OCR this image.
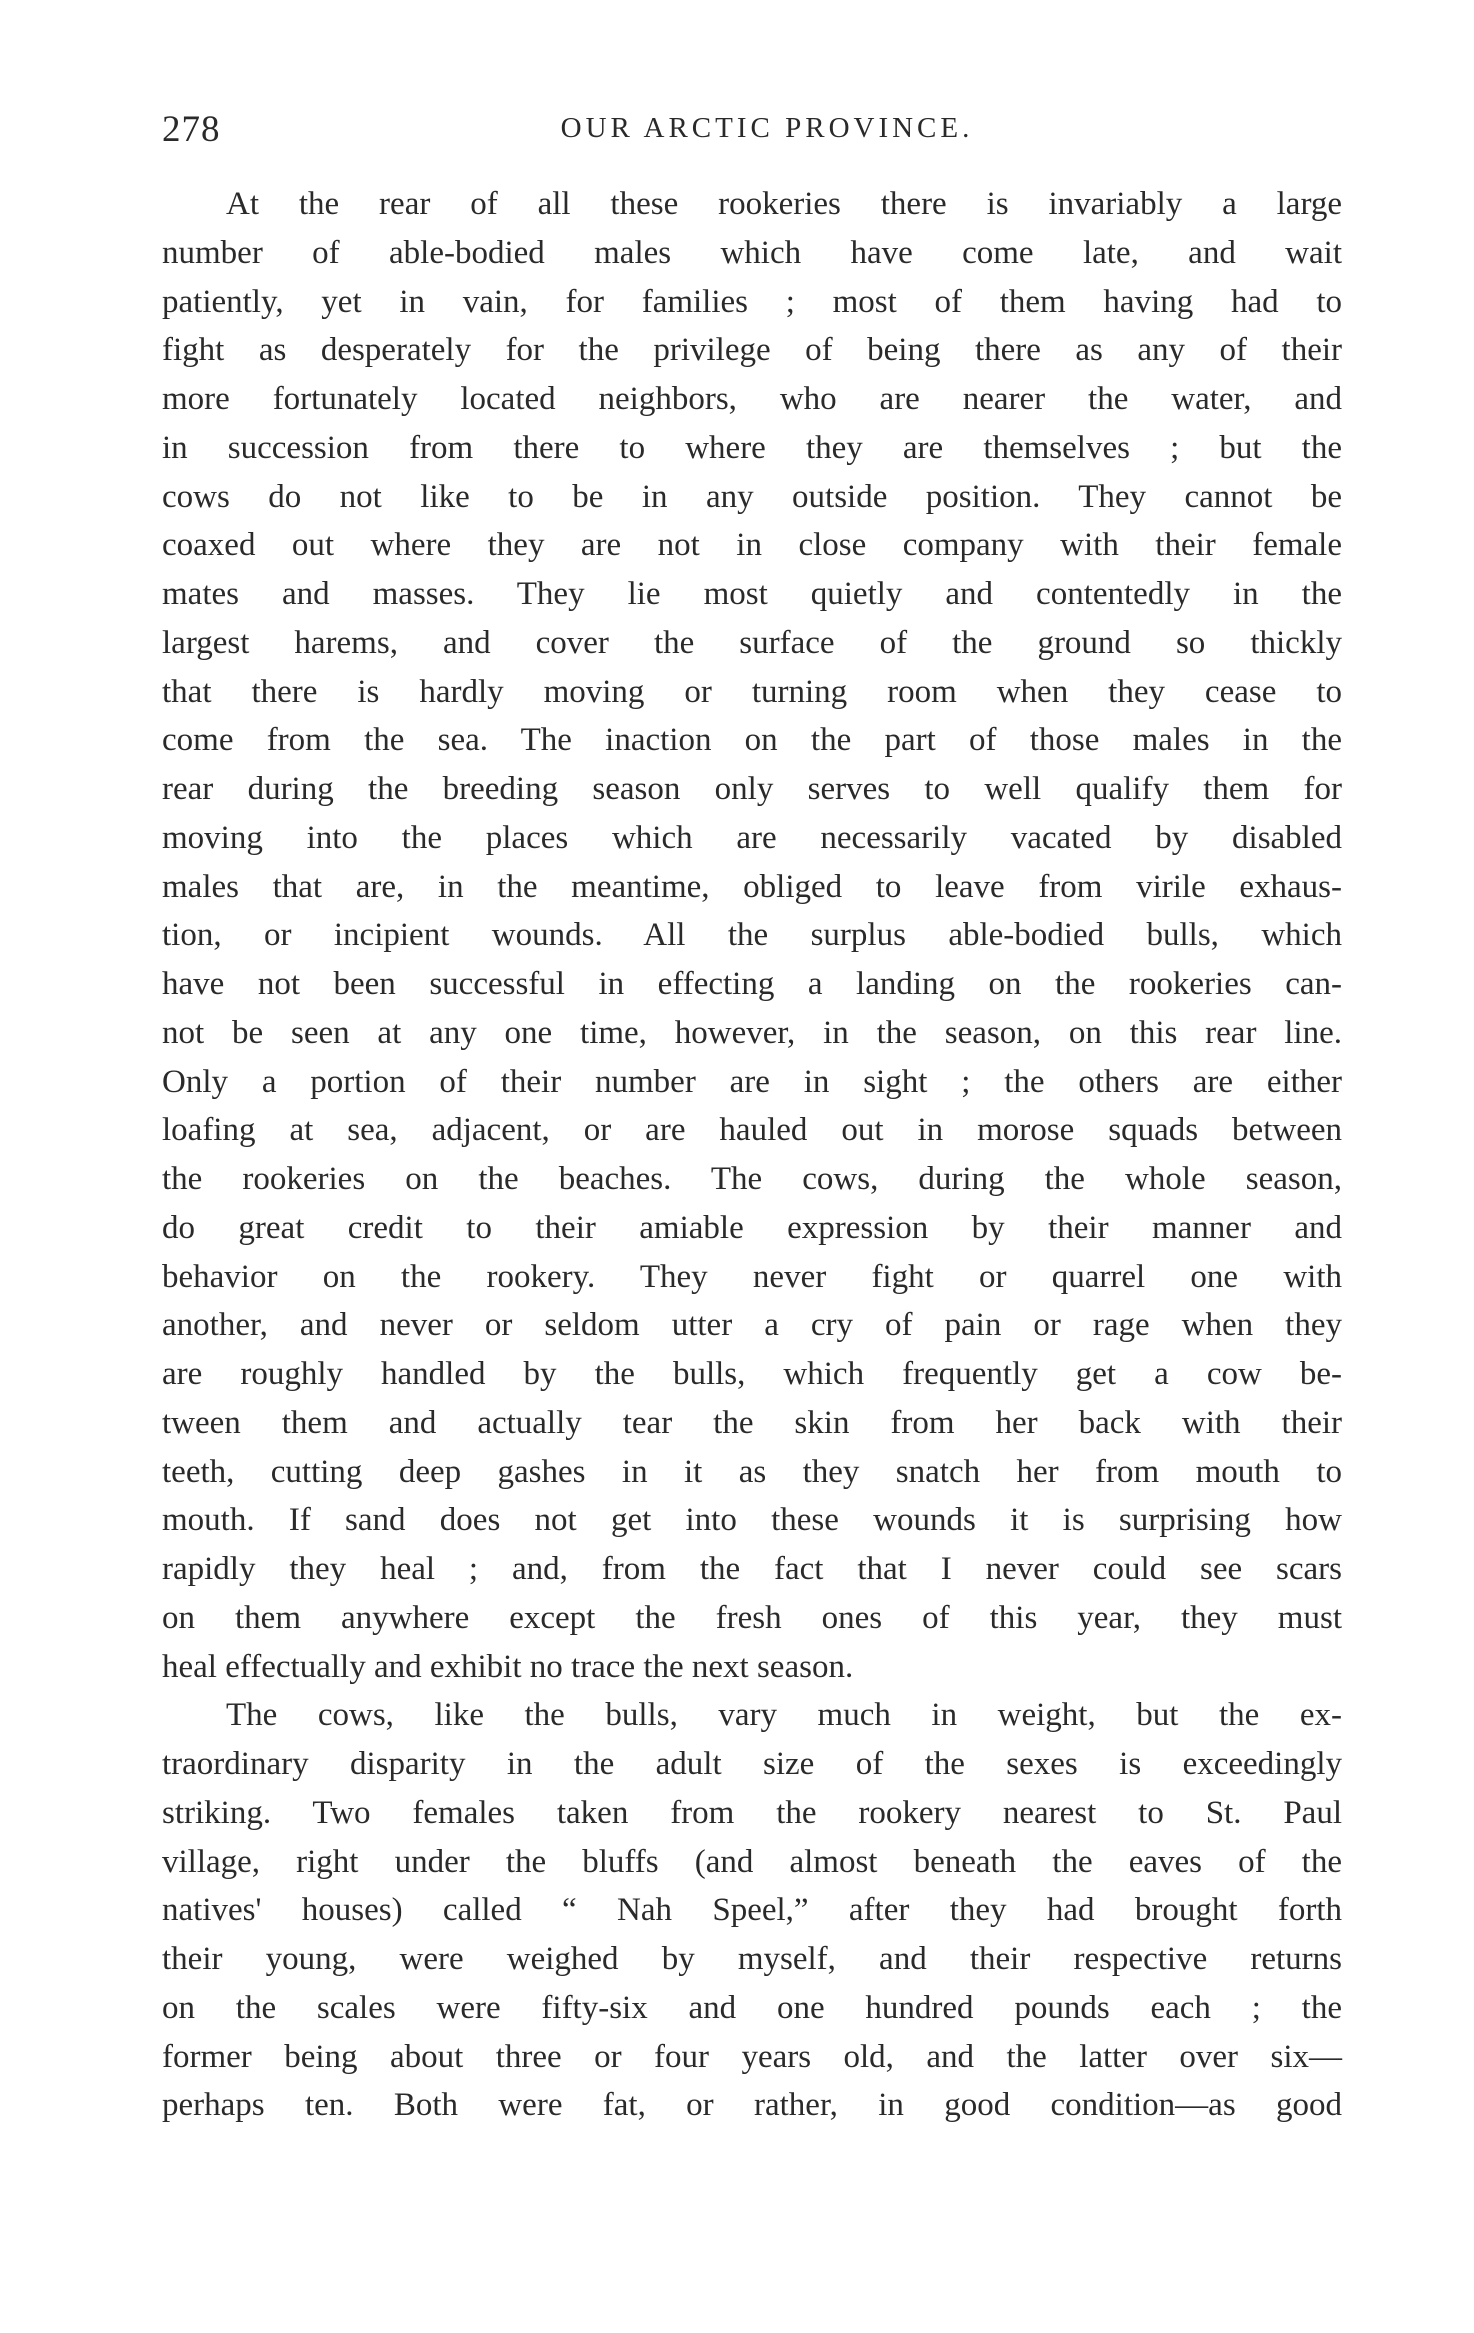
278	OUR ARCTIC PROVINCE.
At the rear of all these rookeries there is invariably a large
number of able-bodied males which have come late, and wait
patiently, yet in vain, for families ; most of them having had to
fight as desperately for the privilege of being there as any of their
more fortunately located neighbors, who are nearer the water, and
in succession from there to where they are themselves ; but the
cows do not like to be in any outside position. They cannot be
coaxed out where they are not in close company with their female
mates and masses. They lie most quietly and contentedly in the
largest harems, and cover the surface of the ground so thickly
that there is hardly moving or turning room when they cease to
come from the sea. The inaction on the part of those males in the
rear during the breeding season only serves to well qualify them for
moving into the places which are necessarily vacated by disabled
males that are, in the meantime, obliged to leave from virile exhaus-
tion, or incipient wounds. All the surplus able-bodied bulls, which
have not been successful in effecting a landing on the rookeries can-
not be seen at any one time, however, in the season, on this rear line.
Only a portion of their number are in sight ; the others are either
loafing at sea, adjacent, or are hauled out in morose squads between
the rookeries on the beaches. The cows, during the whole season,
do great credit to their amiable expression by their manner and
behavior on the rookery. They never fight or quarrel one with
another, and never or seldom utter a cry of pain or rage when they
are roughly handled by the bulls, which frequently get a cow be-
tween them and actually tear the skin from her back with their
teeth, cutting deep gashes in it as they snatch her from mouth to
mouth. If sand does not get into these wounds it is surprising how
rapidly they heal ; and, from the fact that I never could see scars
on them anywhere except the fresh ones of this year, they must
heal effectually and exhibit no trace the next season.
The cows, like the bulls, vary much in weight, but the ex-
traordinary disparity in the adult size of the sexes is exceedingly
striking. Two females taken from the rookery nearest to St. Paul
village, right under the bluffs (and almost beneath the eaves of the
natives' houses) called “ Nah Speel,” after they had brought forth
their young, were weighed by myself, and their respective returns
on the scales were fifty-six and one hundred pounds each ; the
former being about three or four years old, and the latter over six—
perhaps ten. Both were fat, or rather, in good condition—as good
